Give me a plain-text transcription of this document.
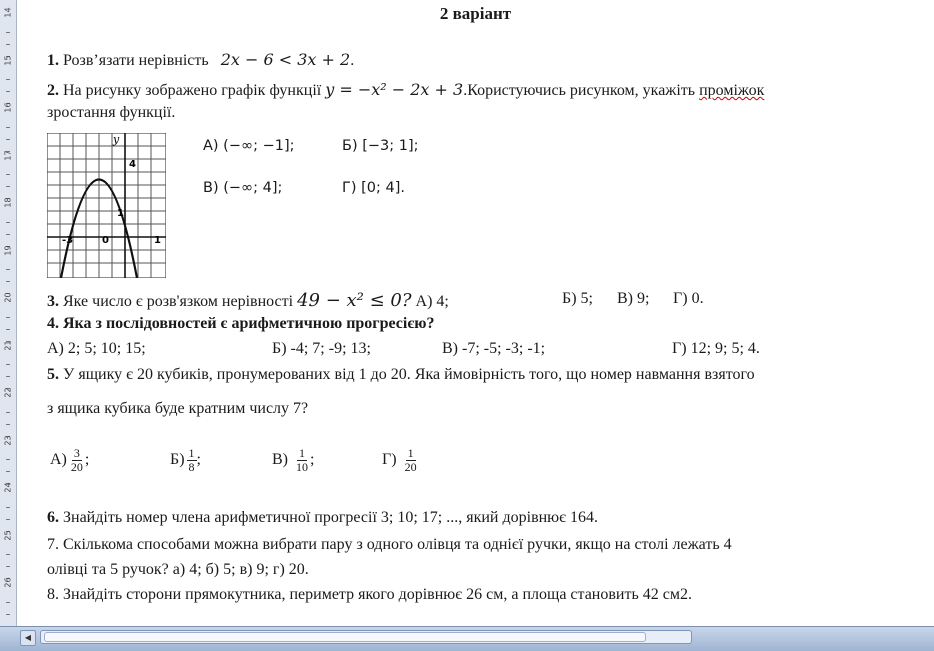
14
15
16
17
18
19
20
21
22
23
24
25
26
2 варіант
1. Розв’язати нерівність 2x − 6 < 3x + 2.
2. На рисунку зображено графік функції y = −x² − 2x + 3.Користуючись рисунком, укажіть проміжок
зростання функції.
y
4
1
-3	0	1
А) (−∞; −1];	Б) [−3; 1];
В) (−∞; 4];	Г) [0; 4].
3. Яке число є розв'язком нерівності 49 − x² ≤ 0? А) 4;	Б) 5; В) 9; Г) 0.
4. Яка з послідовностей є арифметичною прогресією?
А) 2; 5; 10; 15;	Б) -4; 7; -9; 13;	В) -7; -5; -3; -1;	Г) 12; 9; 5; 4.
5. У ящику є 20 кубиків, пронумерованих від 1 до 20. Яка ймовірність того, що номер навмання взятого
з ящика кубика буде кратним числу 7?
$А) \frac{3}{20}$ ;	$Б) \frac{1}{8}$ ;	$В) \frac{1}{10}$ ;	$Г) \frac{1}{20}$
6. Знайдіть номер члена арифметичної прогресії 3; 10; 17; ..., який дорівнює 164.
7. Скількома способами можна вибрати пару з одного олівця та однієї ручки, якщо на столі лежать 4
олівці та 5 ручок? а) 4; б) 5; в) 9; г) 20.
8. Знайдіть сторони прямокутника, периметр якого дорівнює 26 см, а площа становить 42 см2.
◀
